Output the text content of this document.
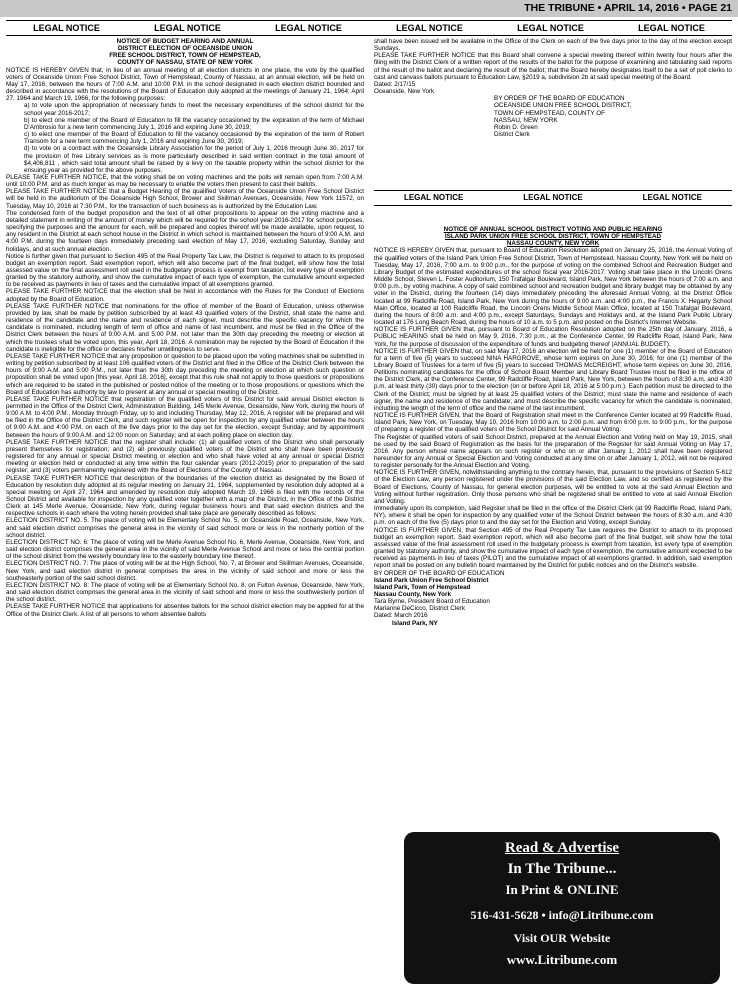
THE TRIBUNE • APRIL 14, 2016 • PAGE 21
LEGAL NOTICE	LEGAL NOTICE	LEGAL NOTICE	LEGAL NOTICE	LEGAL NOTICE	LEGAL NOTICE

NOTICE OF BUDGET HEARING AND ANNUAL

DISTRICT ELECTION OF OCEANSIDE UNION

FREE SCHOOL DISTRICT, TOWN OF HEMPSTEAD,

COUNTY OF NASSAU, STATE OF NEW YORK

NOTICE IS HEREBY GIVEN that, in lieu of an annual meeting of all election districts in one place, the vote by the qualified voters of Oceanside Union Free School District, Town of Hempstead, County of Nassau, at an annual election, will be held on May 17, 2016, between the hours of 7:00 A.M. and 10:00 P.M. in the school designated in each election district bounded and described in accordance with the resolutions of the Board of Education duly adopted at the meetings of January 21, 1964; April 27, 1964 and March 19, 1966, for the following purposes:

a) to vote upon the appropriation of necessary funds to meet the necessary expenditures of the school district for the school year 2016-2017;

b) to elect one member of the Board of Education to fill the vacancy occasioned by the expiration of the term of Michael D'Ambrosio for a new term commencing July 1, 2016 and expiring June 30, 2019;

c) to elect one member of the Board of Education to fill the vacancy occasioned by the expiration of the term of Robert Transom for a new term commencing July 1, 2016 and expiring June 30, 2019;

d) to vote on a contract with the Oceanside Library Association for the period of July 1, 2016 through June 30, 2017 for the provision of free Library services as is more particularly described in said written contract in the total amount of $4,406,811 , which said total amount shall be raised by a levy on the taxable property within the school district for the ensuing year as provided for the above purposes.

PLEASE TAKE FURTHER NOTICE, that the voting shall be on voting machines and the polls will remain open from 7:00 A.M. until 10:00 P.M. and as much longer as may be necessary to enable the voters then present to cast their ballots.

PLEASE TAKE FURTHER NOTICE that a Budget Hearing of the qualified Voters of the Oceanside Union Free School District will be held in the auditorium of the Oceanside High School, Brower and Skillman Avenues, Oceanside, New York 11572, on Tuesday, May 10, 2016 at 7:30 P.M., for the transaction of such business as is authorized by the Education Law.

The condensed form of the budget proposition and the text of all other propositions to appear on the voting machine and a detailed statement in writing of the amount of money which will be required for the school year 2016-2017 for school purposes, specifying the purposes and the amount for each, will be prepared and copies thereof will be made available, upon request, to any resident in the District at each school house in the District in which school is maintained between the hours of 9:00 A.M. and 4:00 P.M. during the fourteen days immediately preceding said election of May 17, 2016, excluding Saturday, Sunday and holidays, and at such annual election.

Notice is further given that pursuant to Section 495 of the Real Property Tax Law, the District is required to attach to its proposed budget an exemption report. Said exemption report, which will also become part of the final budget, will show how the total assessed value on the final assessment roll used in the budgetary process is exempt from taxation, list every type of exemption granted by the statutory authority, and show the cumulative impact of each type of exemption, the cumulative amount expected to be received as payments in lieu of taxes and the cumulative impact of all exemptions granted.

PLEASE TAKE FURTHER NOTICE that the election shall be held in accordance with the Rules for the Conduct of Elections adopted by the Board of Education.

PLEASE TAKE FURTHER NOTICE that nominations for the office of member of the Board of Education, unless otherwise provided by law, shall be made by petition subscribed by at least 43 qualified voters of the District, shall state the name and residence of the candidate and the name and residence of each signer, must describe the specific vacancy for which the candidate is nominated, including length of term of office and name of last incumbent, and must be filed in the Office of the District Clerk between the hours of 9:00 A.M. and 5:00 P.M. not later than the 30th day preceding the meeting or election at which the trustees shall be voted upon, this year, April 18, 2016. A nomination may be rejected by the Board of Education if the candidate is ineligible for the office or declares his/her unwillingness to serve.

PLEASE TAKE FURTHER NOTICE that any proposition or question to be placed upon the voting machines shall be submitted in writing by petition subscribed by at least 106 qualified voters of the District and filed in the Office of the District Clerk between the hours of 9:00 A.M. and 5:00 P.M., not later than the 30th day preceding the meeting or election at which such question or proposition shall be voted upon [this year, April 18, 2016], except that this rule shall not apply to those questions or propositions which are required to be stated in the published or posted notice of the meeting or to those propositions or questions which the Board of Education has authority by law to present at any annual or special meeting of the District.

PLEASE TAKE FURTHER NOTICE that registration of the qualified voters of this District for said annual District election is permitted in the Office of the District Clerk, Administration Building, 145 Merle Avenue, Oceanside, New York, during the hours of 9:00 A.M. to 4:00 P.M., Monday through Friday, up to and including Thursday, May 12, 2016. A register will be prepared and will be filed in the Office of the District Clerk, and such register will be open for inspection by any qualified voter between the hours of 9:00 A.M. and 4:00 P.M. on each of the five days prior to the day set for the election, except Sunday, and by appointment between the hours of 9:00 A.M. and 12:00 noon on Saturday; and at each polling place on election day.

PLEASE TAKE FURTHER NOTICE that the register shall include: (1) all qualified voters of the District who shall personally present themselves for registration; and (2) all previously qualified voters of the District who shall have been previously registered for any annual or special District meeting or election and who shall have voted at any annual or special District meeting or election held or conducted at any time within the four calendar years (2012-2015) prior to preparation of the said register; and (3) voters permanently registered with the Board of Elections of the County of Nassau.

PLEASE TAKE FURTHER NOTICE that description of the boundaries of the election district as designated by the Board of Education by resolution duly adopted at its regular meeting on January 21, 1964, supplemented by resolution duly adopted at a special meeting on April 27, 1964 and amended by resolution duly adopted March 19, 1966 is filed with the records of the School District and available for inspection by any qualified voter together with a map of the District, in the Office of the District Clerk at 145 Merle Avenue, Oceanside, New York, during regular business hours and that said election districts and the respective schools in each where the voting herein provided shall take place are generally described as follows:

ELECTION DISTRICT NO. 5: The place of voting will be Elementary School No. 5, on Oceanside Road, Oceanside, New York, and said election district comprises the general area in the vicinity of said school more or less in the northerly portion of the school district.

ELECTION DISTRICT NO. 6: The place of voting will be Merle Avenue School No. 6, Merle Avenue, Oceanside, New York, and said election district comprises the general area in the vicinity of said Merle Avenue School and more or less the central portion of the school district from the westerly boundary line to the easterly boundary line thereof.

ELECTION DISTRICT NO. 7: The place of voting will be at the High School, No. 7, at Brower and Skillman Avenues, Oceanside, New York, and said election district in general comprises the area in the vicinity of said school and more or less the southeasterly portion of the said school district.

ELECTION DISTRICT NO. 8: The place of voting will be at Elementary School No. 8, on Fulton Avenue, Oceanside, New York, and said election district comprises the general area in the vicinity of said school and more or less the southwesterly portion of the school district.

PLEASE TAKE FURTHER NOTICE that applications for absentee ballots for the school district election may be applied for at the Office of the District Clerk. A list of all persons to whom absentee ballots

shall have been issued will be available in the Office of the Clerk on each of the five days prior to the day of the election except Sundays.

PLEASE TAKE FURTHER NOTICE that this Board shall convene a special meeting thereof within twenty four hours after the filing with the District Clerk of a written report of the results of the ballot for the purpose of examining and tabulating said reports of the result of the ballot and declaring the result of the ballot; that the Board hereby designates itself to be a set of poll clerks to cast and canvass ballots pursuant to Education Law, §2019 a, subdivision 2b at said special meeting of the Board.

Dated: 2/17/15

Oceanside, New York

BY ORDER OF THE BOARD OF EDUCATION

OCEANSIDE UNION FREE SCHOOL DISTRICT,

TOWN OF HEMPSTEAD, COUNTY OF

NASSAU, NEW YORK

Robin D. Green

District Clerk

LEGAL NOTICE	LEGAL NOTICE	LEGAL NOTICE

NOTICE OF ANNUAL SCHOOL DISTRICT VOTING AND PUBLIC HEARING

ISLAND PARK UNION FREE SCHOOL DISTRICT, TOWN OF HEMPSTEAD

NASSAU COUNTY, NEW YORK

NOTICE IS HEREBY GIVEN that, pursuant to Board of Education Resolution adopted on January 25, 2016, the Annual Voting of the qualified voters of the Island Park Union Free School District, Town of Hempstead, Nassau County, New York will be held on Tuesday, May 17, 2016, 7:00 a.m. to 9:00 p.m., for the purpose of voting on the combined School and Recreation Budget and Library Budget of the estimated expenditures of the school fiscal year 2016-2017. Voting shall take place in the Lincoln Orens Middle School, Steven L. Foster Auditorium, 150 Trafalgar Boulevard, Island Park, New York between the hours of 7:00 a.m. and 9:00 p.m., by voting machine. A copy of said combined school and recreation budget and library budget may be obtained by any voter in the District, during the fourteen (14) days immediately preceding the aforesaid Annual Voting, at the District Office located at 99 Radcliffe Road, Island Park, New York during the hours of 9:00 a.m. and 4:00 p.m., the Francis X. Hegarty School Main Office, located at 100 Radcliffe Road, the Lincoln Orens Middle School Main Office, located at 150 Trafalgar Boulevard, during the hours of 8:00 a.m. and 4:00 p.m., except Saturdays, Sundays and Holidays and, at the Island Park Public Library located at 176 Long Beach Road, during the hours of 10 a.m. to 5 p.m. and posted on the District's Internet Website.

NOTICE IS FURTHER GIVEN that, pursuant to Board of Education Resolution adopted on the 25th day of January, 2016, a PUBLIC HEARING shall be held on May 9, 2016, 7:30 p.m., at the Conference Center, 99 Radcliffe Road, Island Park, New York, for the purpose of discussion of the expenditure of funds and budgeting thereof (ANNUAL BUDGET).

NOTICE IS FURTHER GIVEN that, on said May 17, 2016 an election will be held for one (1) member of the Board of Education for a term of five (5) years to succeed NINA HARGROVE, whose term expires on June 30, 2016; for one (1) member of the Library Board of Trustees for a term of five (5) years to succeed THOMAS McCREIGHT, whose term expires on June 30, 2016. Petitions nominating candidates for the office of School Board Member and Library Board Trustee must be filed in the office of the District Clerk, at the Conference Center, 99 Radcliffe Road, Island Park, New York, between the hours of 8:30 a.m. and 4:30 p.m. at least thirty (30) days prior to the election (on or before April 18, 2016 at 5:00 p.m.). Each petition must be directed to the Clerk of the District; must be signed by at least 25 qualified voters of the District; must state the name and residence of each signer, the name and residence of the candidate; and must describe the specific vacancy for which the candidate is nominated, including the length of the term of office and the name of the last incumbent.

NOTICE IS FURTHER GIVEN, that the Board of Registration shall meet in the Conference Center located at 99 Radcliffe Road, Island Park, New York, on Tuesday, May 10, 2016 from 10:00 a.m. to 2:00 p.m. and from 6:00 p.m. to 9:00 p.m., for the purpose of preparing a register of the qualified voters of the School District for said Annual Voting.

The Register of qualified voters of said School District, prepared at the Annual Election and Voting held on May 19, 2015, shall be used by the said Board of Registration as the basis for the preparation of the Register for said Annual Voting on May 17, 2016. Any person whose name appears on such register or who on or after January 1, 2012 shall have been registered hereunder for any Annual or Special Election and Voting conducted at any time on or after January 1, 2012, will not be required to register personally for the Annual Election and Voting.

NOTICE IS FURTHER GIVEN, notwithstanding anything to the contrary herein, that, pursuant to the provisions of Section 5-612 of the Election Law, any person registered under the provisions of the said Election Law, and so certified as registered by the Board of Elections, County of Nassau, for general election purposes, will be entitled to vote at the said Annual Election and Voting without further registration. Only those persons who shall be registered shall be entitled to vote at said Annual Election and Voting.

Immediately upon its completion, said Register shall be filed in the office of the District Clerk (at 99 Radcliffe Road, Island Park, NY), where it shall be open for inspection by any qualified voter of the School District between the hours of 8:30 a.m. and 4:30 p.m. on each of the five (5) days prior to and the day set for the Election and Voting, except Sunday.

NOTICE IS FURTHER GIVEN, that Section 495 of the Real Property Tax Law requires the District to attach to its proposed budget an exemption report. Said exemption report, which will also become part of the final budget, will show how the total assessed value of the final assessment roll used in the budgetary process is exempt from taxation, list every type of exemption granted by statutory authority, and show the cumulative impact of each type of exemption, the cumulative amount expected to be received as payments in lieu of taxes (PILOT) and the cumulative impact of all exemptions granted. In addition, said exemption report shall be posted on any bulletin board maintained by the District for public notices and on the District's website.

BY ORDER OF THE BOARD OF EDUCATION

Island Park Union Free School District

Island Park, Town of Hempstead

Nassau County, New York

Tara Byrne, President Board of Education

Marianne DeCicco, District Clerk

Dated: March 2016

Island Park, NY

Read & Advertise
In The Tribune...
In Print & ONLINE
516-431-5628 • info@Litribune.com
Visit OUR Website
www.Litribune.com
